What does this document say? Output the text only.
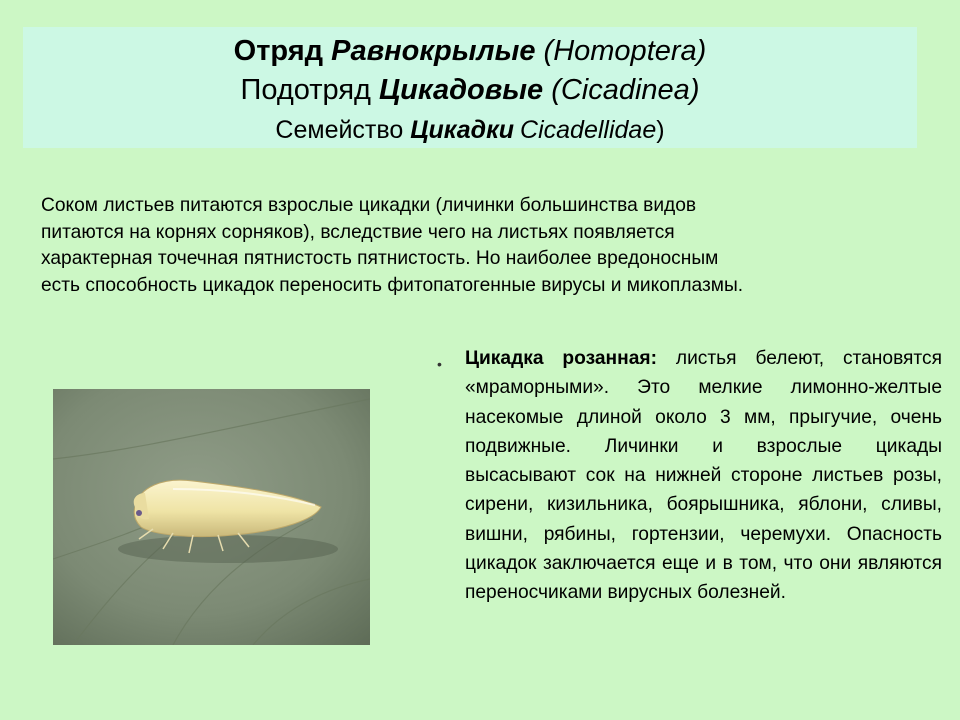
Отряд Равнокрылые (Homoptera)
Подотряд Цикадовые (Cicadinea)
Семейство Цикадки Cicadellidae)
Соком листьев питаются взрослые цикадки (личинки большинства видов
питаются на корнях сорняков), вследствие чего на листьях появляется
характерная точечная пятнистость пятнистость. Но наиболее вредоносным
есть способность цикадок переносить фитопатогенные вирусы и микоплазмы.
• Цикадка розанная: листья белеют, становятся «мраморными». Это мелкие лимонно-желтые насекомые длиной около 3 мм, прыгучие, очень подвижные. Личинки и взрослые цикады высасывают сок на нижней стороне листьев розы, сирени, кизильника, боярышника, яблони, сливы, вишни, рябины, гортензии, черемухи. Опасность цикадок заключается еще и в том, что они являются переносчиками вирусных болезней.
